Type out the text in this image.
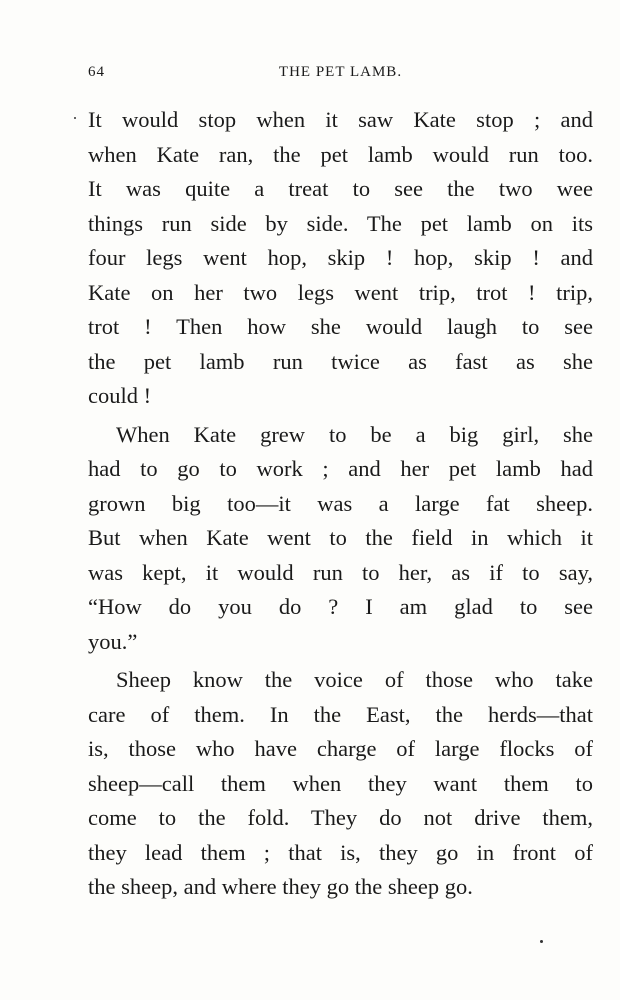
64	THE PET LAMB.
It would stop when it saw Kate stop ; and
when Kate ran, the pet lamb would run too.
It was quite a treat to see the two wee
things run side by side. The pet lamb on its
four legs went hop, skip ! hop, skip ! and
Kate on her two legs went trip, trot ! trip,
trot ! Then how she would laugh to see
the pet lamb run twice as fast as she
could !
When Kate grew to be a big girl, she
had to go to work ; and her pet lamb had
grown big too—it was a large fat sheep.
But when Kate went to the field in which it
was kept, it would run to her, as if to say,
“How do you do ? I am glad to see
you.”
Sheep know the voice of those who take
care of them. In the East, the herds—that
is, those who have charge of large flocks of
sheep—call them when they want them to
come to the fold. They do not drive them,
they lead them ; that is, they go in front of
the sheep, and where they go the sheep go.
